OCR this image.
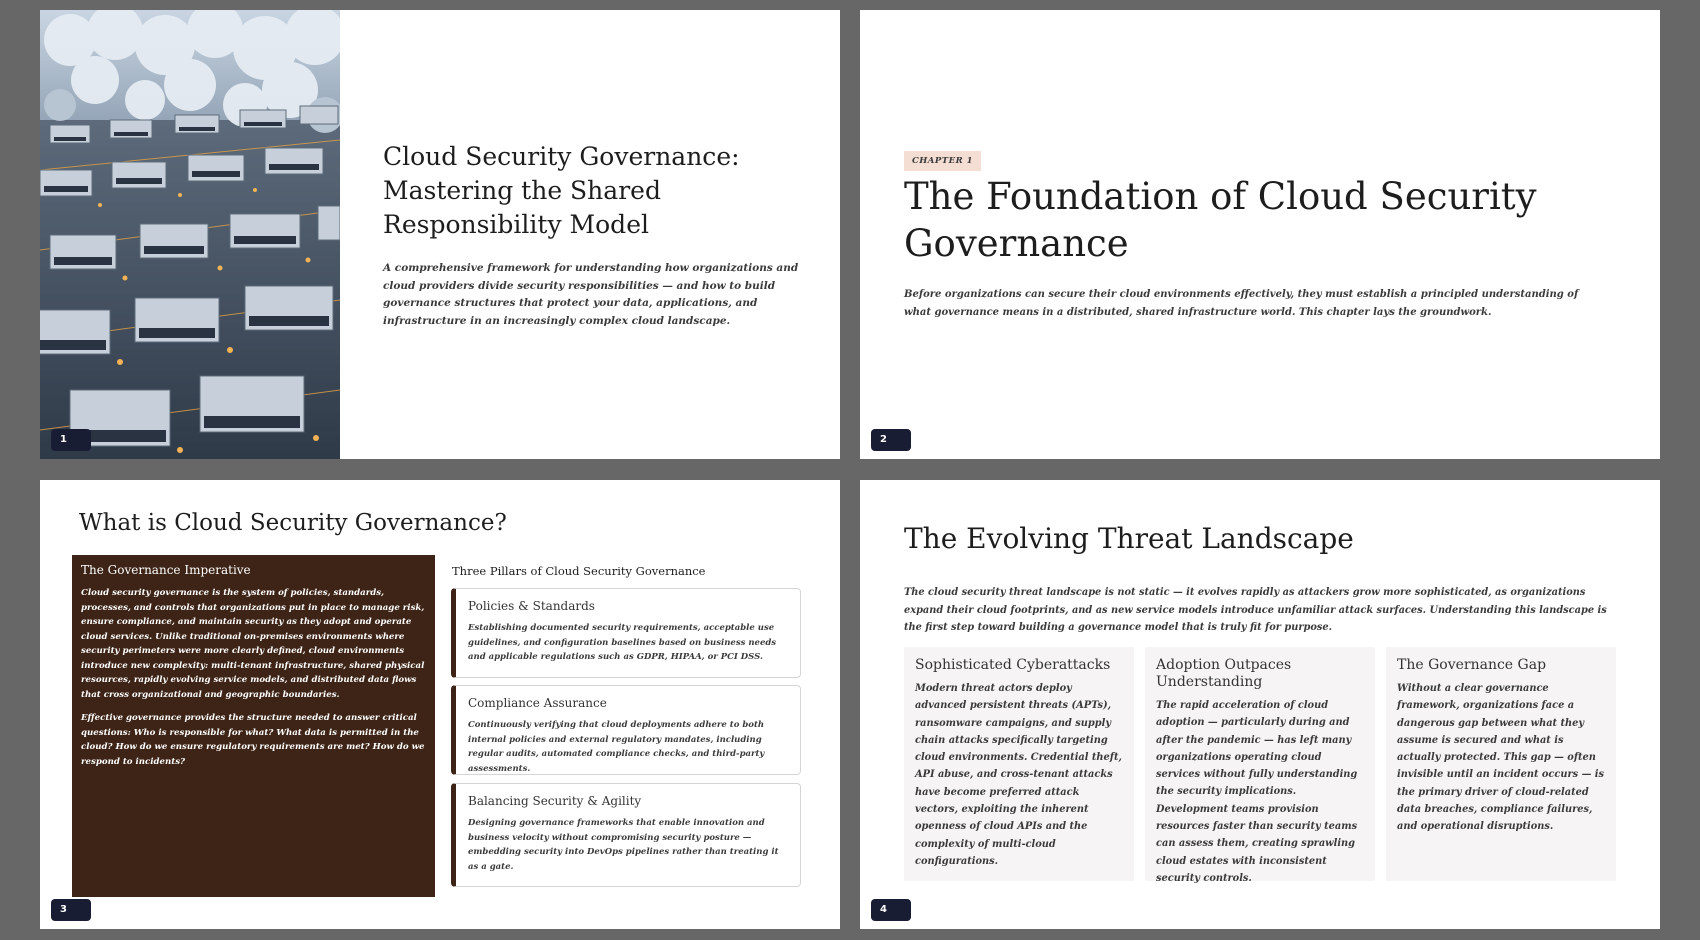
Cloud Security Governance: Mastering the Shared Responsibility Model

A comprehensive framework for understanding how organizations and cloud providers divide security responsibilities — and how to build governance structures that protect your data, applications, and infrastructure in an increasingly complex cloud landscape.

1
CHAPTER 1
The Foundation of Cloud Security Governance

Before organizations can secure their cloud environments effectively, they must establish a principled understanding of what governance means in a distributed, shared infrastructure world. This chapter lays the groundwork.

2
What is Cloud Security Governance?
The Governance Imperative

Cloud security governance is the system of policies, standards, processes, and controls that organizations put in place to manage risk, ensure compliance, and maintain security as they adopt and operate cloud services. Unlike traditional on-premises environments where security perimeters were more clearly defined, cloud environments introduce new complexity: multi-tenant infrastructure, shared physical resources, rapidly evolving service models, and distributed data flows that cross organizational and geographic boundaries.

Effective governance provides the structure needed to answer critical questions: Who is responsible for what? What data is permitted in the cloud? How do we ensure regulatory requirements are met? How do we respond to incidents?

Three Pillars of Cloud Security Governance
Policies & Standards

Establishing documented security requirements, acceptable use guidelines, and configuration baselines based on business needs and applicable regulations such as GDPR, HIPAA, or PCI DSS.

Compliance Assurance

Continuously verifying that cloud deployments adhere to both internal policies and external regulatory mandates, including regular audits, automated compliance checks, and third-party assessments.

Balancing Security & Agility

Designing governance frameworks that enable innovation and business velocity without compromising security posture — embedding security into DevOps pipelines rather than treating it as a gate.

3
The Evolving Threat Landscape

The cloud security threat landscape is not static — it evolves rapidly as attackers grow more sophisticated, as organizations expand their cloud footprints, and as new service models introduce unfamiliar attack surfaces. Understanding this landscape is the first step toward building a governance model that is truly fit for purpose.

Sophisticated Cyberattacks

Modern threat actors deploy advanced persistent threats (APTs), ransomware campaigns, and supply chain attacks specifically targeting cloud environments. Credential theft, API abuse, and cross-tenant attacks have become preferred attack vectors, exploiting the inherent openness of cloud APIs and the complexity of multi-cloud configurations.

Adoption Outpaces Understanding

The rapid acceleration of cloud adoption — particularly during and after the pandemic — has left many organizations operating cloud services without fully understanding the security implications. Development teams provision resources faster than security teams can assess them, creating sprawling cloud estates with inconsistent security controls.

The Governance Gap

Without a clear governance framework, organizations face a dangerous gap between what they assume is secured and what is actually protected. This gap — often invisible until an incident occurs — is the primary driver of cloud-related data breaches, compliance failures, and operational disruptions.

4
